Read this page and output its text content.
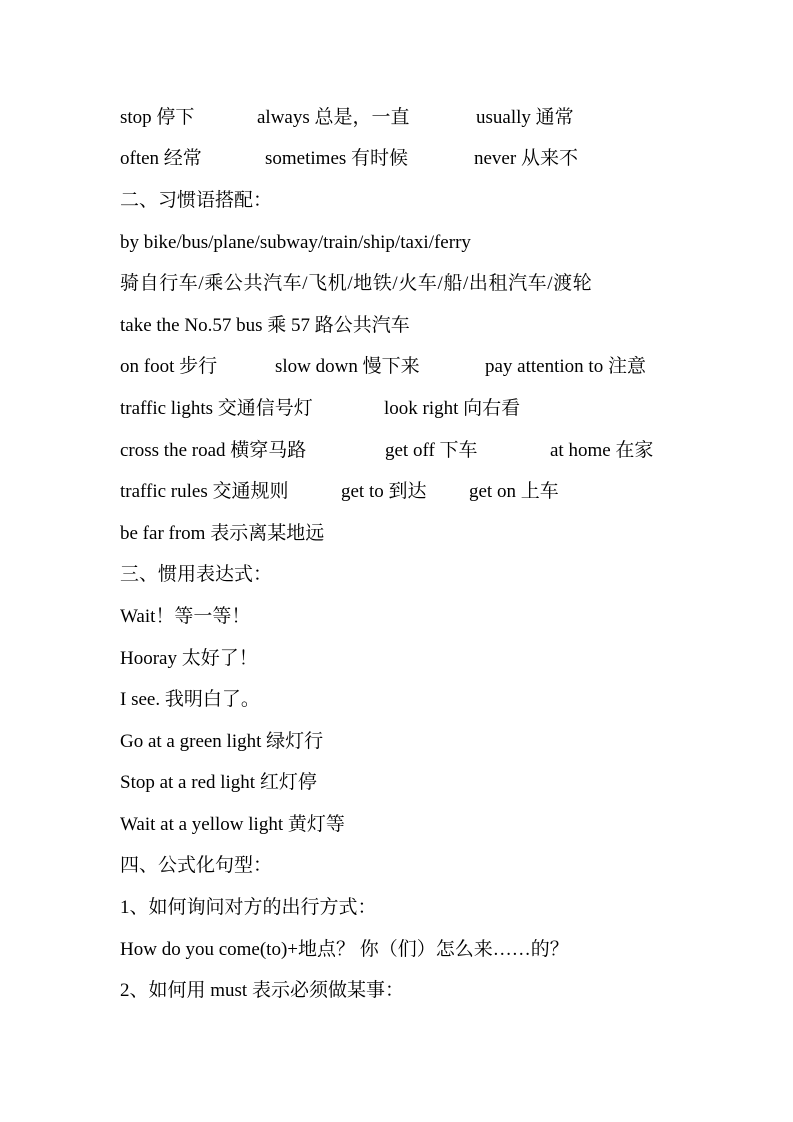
stop 停下	always 总是，一直	usually 通常
often 经常	sometimes 有时候	never 从来不
二、习惯语搭配：
by bike/bus/plane/subway/train/ship/taxi/ferry
骑自行车/乘公共汽车/飞机/地铁/火车/船/出租汽车/渡轮
take the No.57 bus 乘 57 路公共汽车
on foot 步行	slow down 慢下来	pay attention to 注意
traffic lights 交通信号灯	look right 向右看
cross the road 横穿马路	get off 下车	at home 在家
traffic rules 交通规则	get to 到达 get on 上车
be far from 表示离某地远
三、惯用表达式：
Wait！等一等！
Hooray 太好了！
I see. 我明白了。
Go at a green light 绿灯行
Stop at a red light 红灯停
Wait at a yellow light 黄灯等
四、公式化句型：
1、如何询问对方的出行方式：
How do you come(to)+地点？ 你（们）怎么来……的？
2、如何用 must 表示必须做某事：
